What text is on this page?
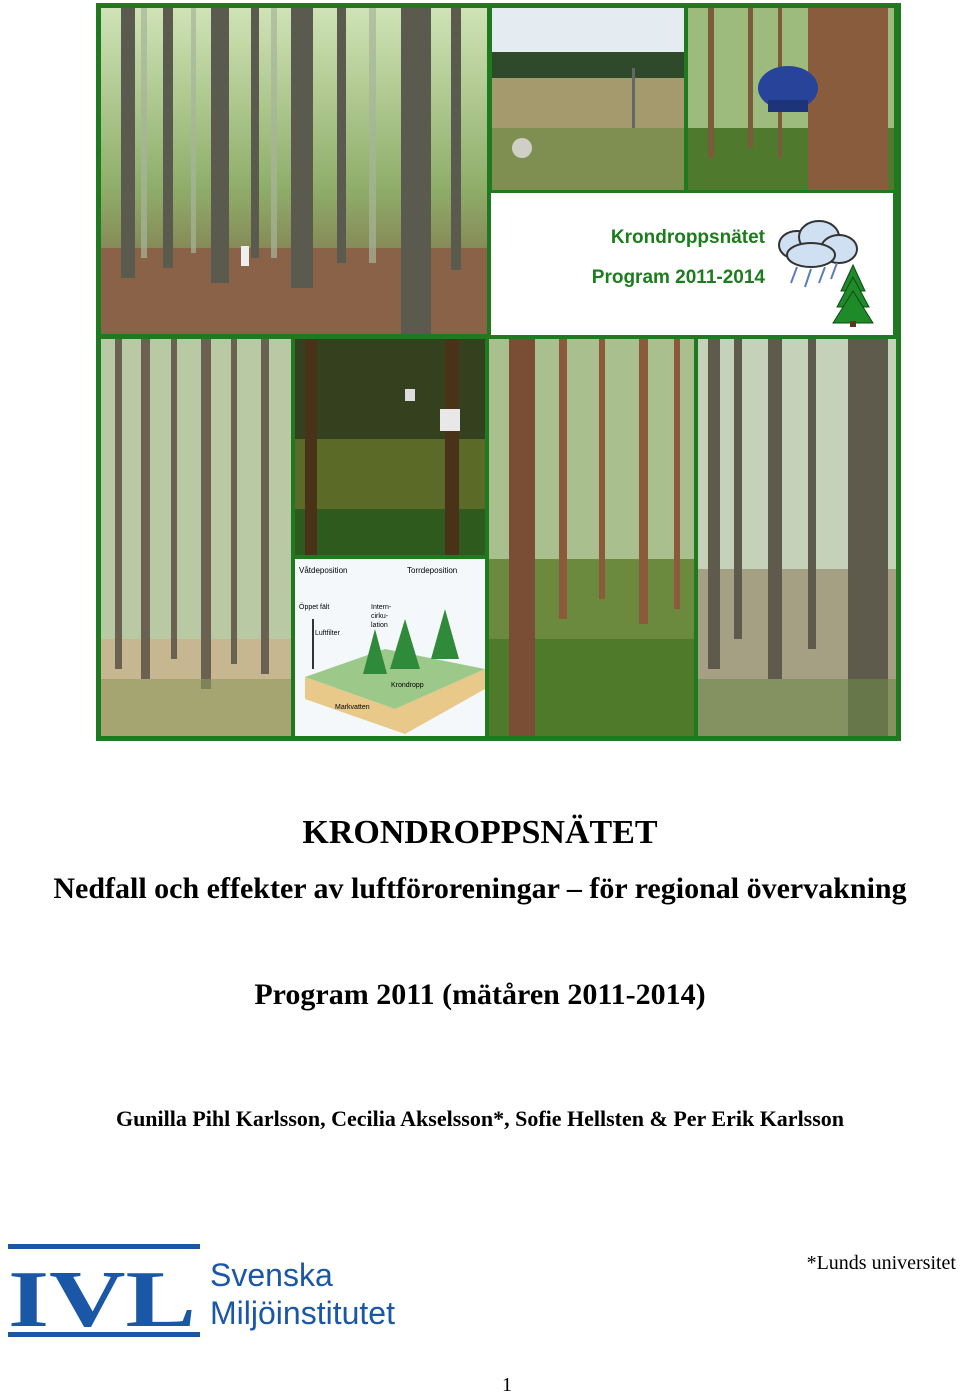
Krondroppsnätet
Program 2011-2014
Våtdeposition	Torrdeposition
Öppet fält
Luftfilter
Intern-
cirku-
lation
Krondropp
Markvatten
KRONDROPPSNÄTET
Nedfall och effekter av luftföroreningar – för regional övervakning
Program 2011 (mätåren 2011-2014)
Gunilla Pihl Karlsson, Cecilia Akselsson*, Sofie Hellsten & Per Erik Karlsson
IVL Svenska
Miljöinstitutet
*Lunds universitet
1
